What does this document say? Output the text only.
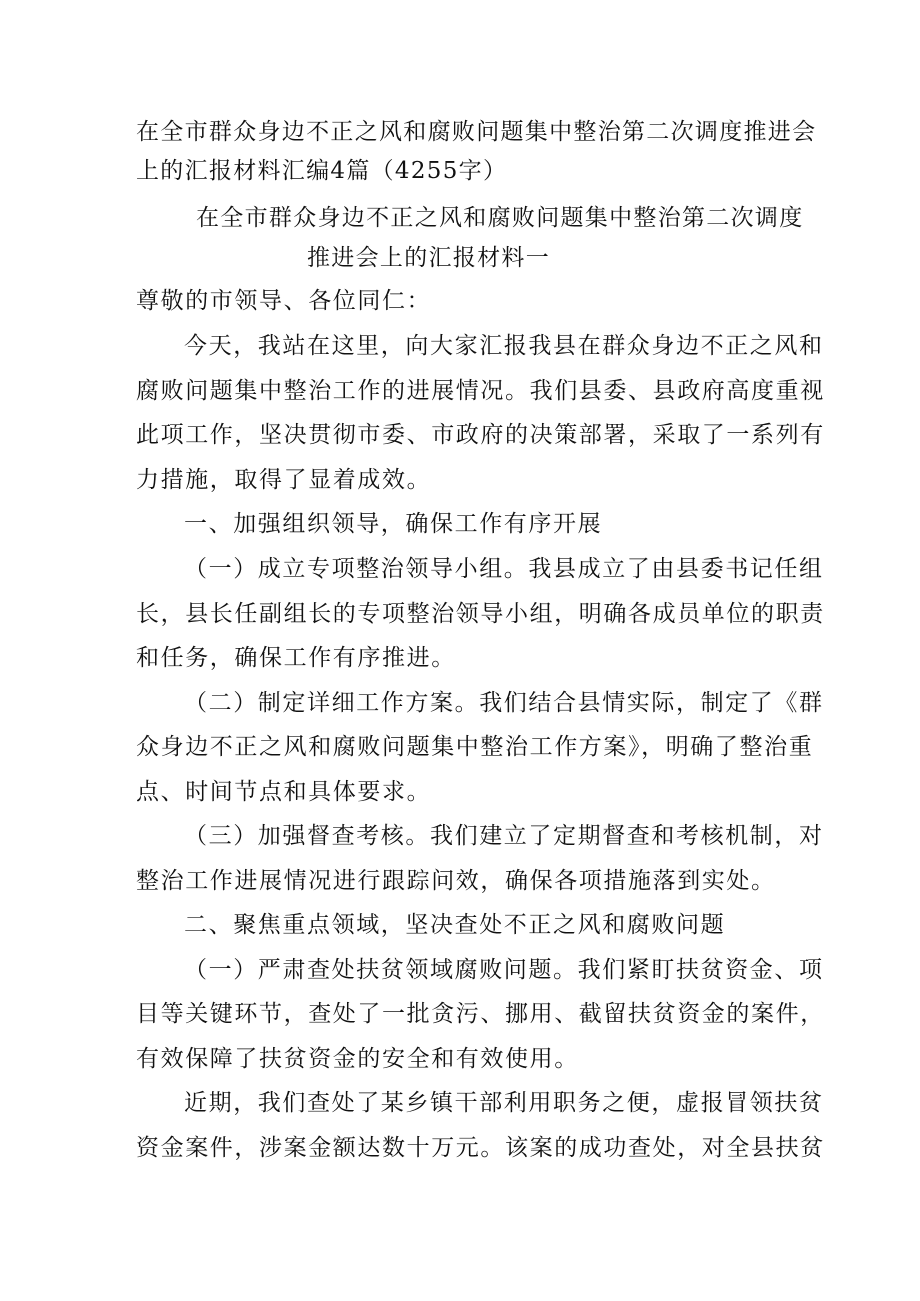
在全市群众身边不正之风和腐败问题集中整治第二次调度推进会
上的汇报材料汇编4篇（4255字）
在全市群众身边不正之风和腐败问题集中整治第二次调度
推进会上的汇报材料一
尊敬的市领导、各位同仁：
今天，我站在这里，向大家汇报我县在群众身边不正之风和
腐败问题集中整治工作的进展情况。我们县委、县政府高度重视
此项工作，坚决贯彻市委、市政府的决策部署，采取了一系列有
力措施，取得了显着成效。
一、加强组织领导，确保工作有序开展
（一）成立专项整治领导小组。我县成立了由县委书记任组
长，县长任副组长的专项整治领导小组，明确各成员单位的职责
和任务，确保工作有序推进。
（二）制定详细工作方案。我们结合县情实际，制定了《群
众身边不正之风和腐败问题集中整治工作方案》，明确了整治重
点、时间节点和具体要求。
（三）加强督查考核。我们建立了定期督查和考核机制，对
整治工作进展情况进行跟踪问效，确保各项措施落到实处。
二、聚焦重点领域，坚决查处不正之风和腐败问题
（一）严肃查处扶贫领域腐败问题。我们紧盯扶贫资金、项
目等关键环节，查处了一批贪污、挪用、截留扶贫资金的案件，
有效保障了扶贫资金的安全和有效使用。
近期，我们查处了某乡镇干部利用职务之便，虚报冒领扶贫
资金案件，涉案金额达数十万元。该案的成功查处，对全县扶贫
